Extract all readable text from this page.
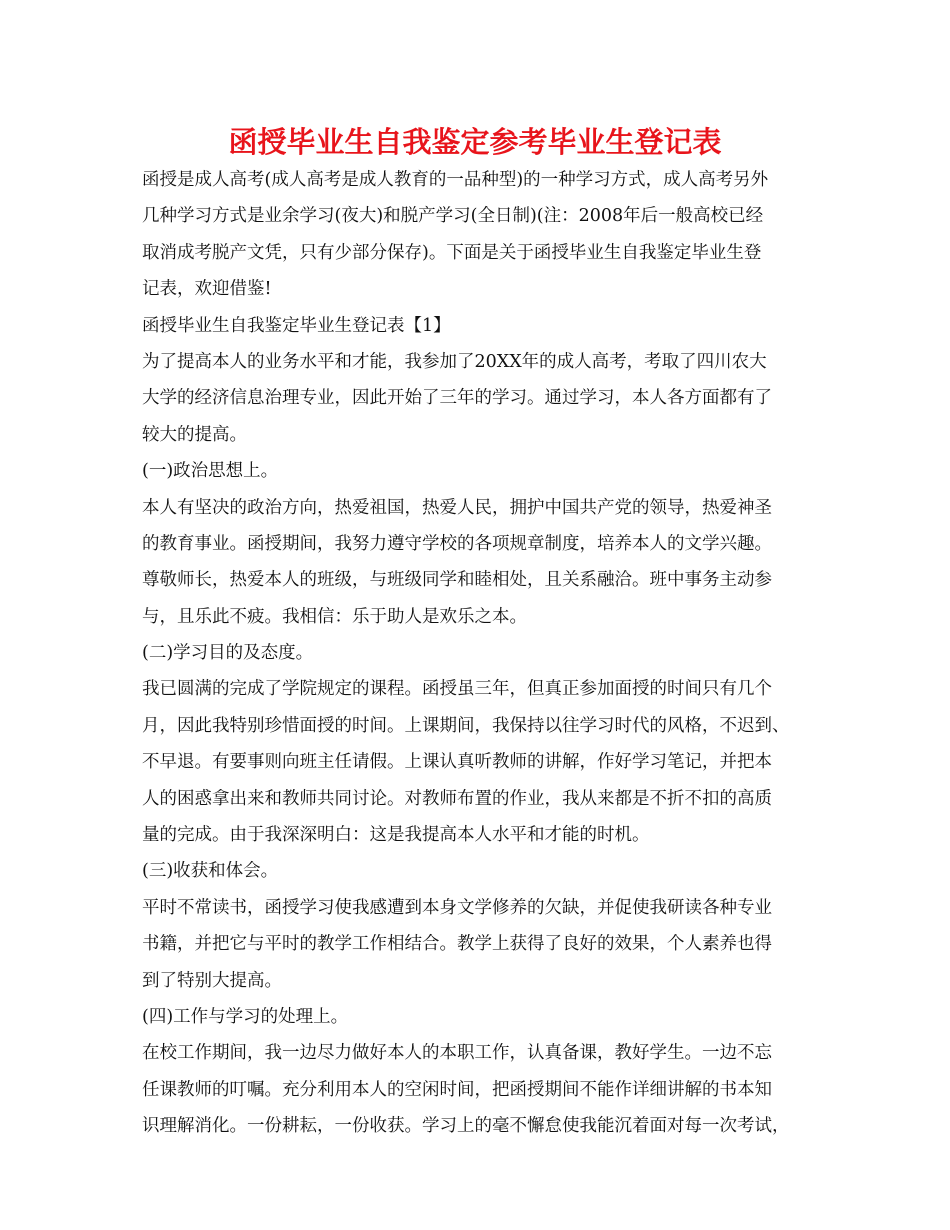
函授毕业生自我鉴定参考毕业生登记表
函授是成人高考(成人高考是成人教育的一品种型)的一种学习方式，成人高考另外
几种学习方式是业余学习(夜大)和脱产学习(全日制)(注：2008年后一般高校已经
取消成考脱产文凭，只有少部分保存)。下面是关于函授毕业生自我鉴定毕业生登
记表，欢迎借鉴!
函授毕业生自我鉴定毕业生登记表【1】
为了提高本人的业务水平和才能，我参加了20XX年的成人高考，考取了四川农大
大学的经济信息治理专业，因此开始了三年的学习。通过学习，本人各方面都有了
较大的提高。
(一)政治思想上。
本人有坚决的政治方向，热爱祖国，热爱人民，拥护中国共产党的领导，热爱神圣
的教育事业。函授期间，我努力遵守学校的各项规章制度，培养本人的文学兴趣。
尊敬师长，热爱本人的班级，与班级同学和睦相处，且关系融洽。班中事务主动参
与，且乐此不疲。我相信：乐于助人是欢乐之本。
(二)学习目的及态度。
我已圆满的完成了学院规定的课程。函授虽三年，但真正参加面授的时间只有几个
月，因此我特别珍惜面授的时间。上课期间，我保持以往学习时代的风格，不迟到、
不早退。有要事则向班主任请假。上课认真听教师的讲解，作好学习笔记，并把本
人的困惑拿出来和教师共同讨论。对教师布置的作业，我从来都是不折不扣的高质
量的完成。由于我深深明白：这是我提高本人水平和才能的时机。
(三)收获和体会。
平时不常读书，函授学习使我感遭到本身文学修养的欠缺，并促使我研读各种专业
书籍，并把它与平时的教学工作相结合。教学上获得了良好的效果，个人素养也得
到了特别大提高。
(四)工作与学习的处理上。
在校工作期间，我一边尽力做好本人的本职工作，认真备课，教好学生。一边不忘
任课教师的叮嘱。充分利用本人的空闲时间，把函授期间不能作详细讲解的书本知
识理解消化。一份耕耘，一份收获。学习上的毫不懈怠使我能沉着面对每一次考试，
